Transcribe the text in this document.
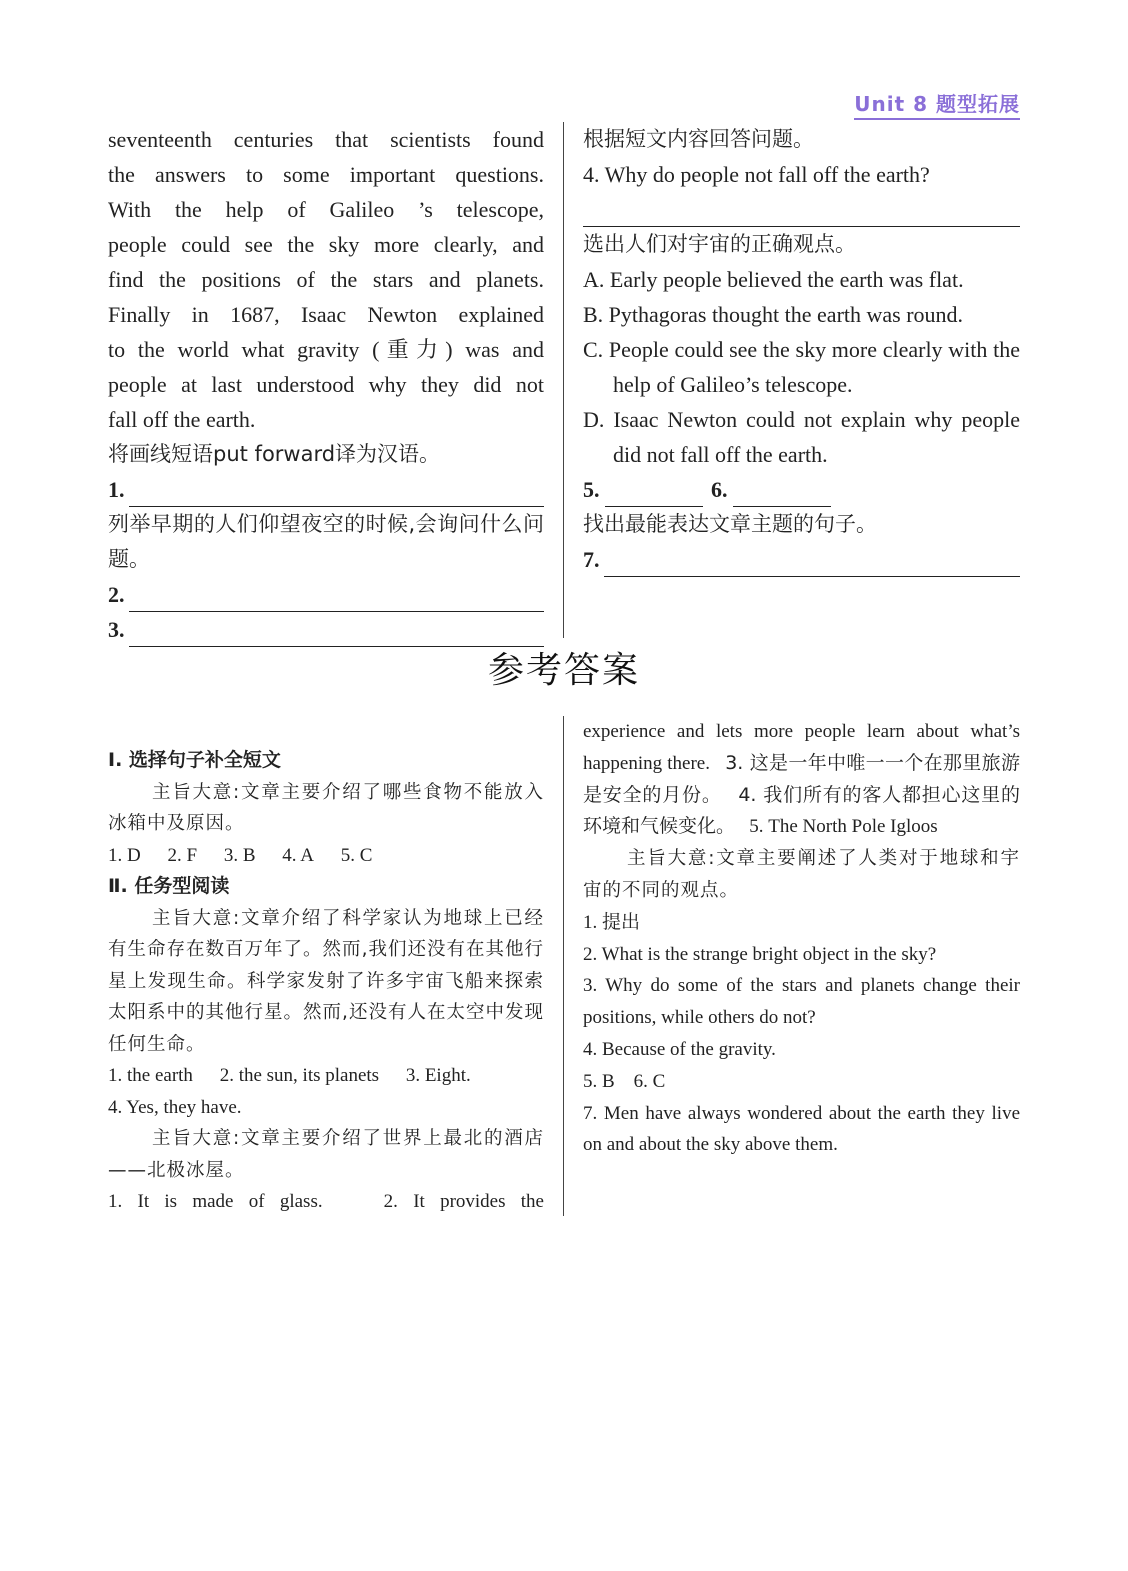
Unit 8 题型拓展
seventeenth centuries that scientists found
the answers to some important questions.
With the help of Galileo ’s telescope,
people could see the sky more clearly, and
find the positions of the stars and planets.
Finally in 1687, Isaac Newton explained
to the world what gravity (重力) was and
people at last understood why they did not
fall off the earth.
将画线短语put forward译为汉语。
1.
列举早期的人们仰望夜空的时候,会询问什么问题。
2.
3.
根据短文内容回答问题。
4. Why do people not fall off the earth?
选出人们对宇宙的正确观点。
A. Early people believed the earth was flat.
B. Pythagoras thought the earth was round.
C. People could see the sky more clearly with the help of Galileo’s telescope.
D. Isaac Newton could not explain why people did not fall off the earth.
5.
	6.

找出最能表达文章主题的句子。
7.
参考答案
Ⅰ. 选择句子补全短文
主旨大意:文章主要介绍了哪些食物不能放入冰箱中及原因。
1. D 2. F 3. B 4. A 5. C
Ⅱ. 任务型阅读
主旨大意:文章介绍了科学家认为地球上已经有生命存在数百万年了。然而,我们还没有在其他行星上发现生命。科学家发射了许多宇宙飞船来探索太阳系中的其他行星。然而,还没有人在太空中发现任何生命。
1. the earth 2. the sun, its planets 3. Eight.
4. Yes, they have.
主旨大意:文章主要介绍了世界上最北的酒店——北极冰屋。
1. It is made of glass.    2. It provides the
experience and lets more people learn about what’s happening there. 3. 这是一年中唯一一个在那里旅游是安全的月份。 4. 我们所有的客人都担心这里的环境和气候变化。 5. The North Pole Igloos
主旨大意:文章主要阐述了人类对于地球和宇宙的不同的观点。
1. 提出
2. What is the strange bright object in the sky?
3. Why do some of the stars and planets change their positions, while others do not?
4. Because of the gravity.
5. B    6. C
7. Men have always wondered about the earth they live on and about the sky above them.
